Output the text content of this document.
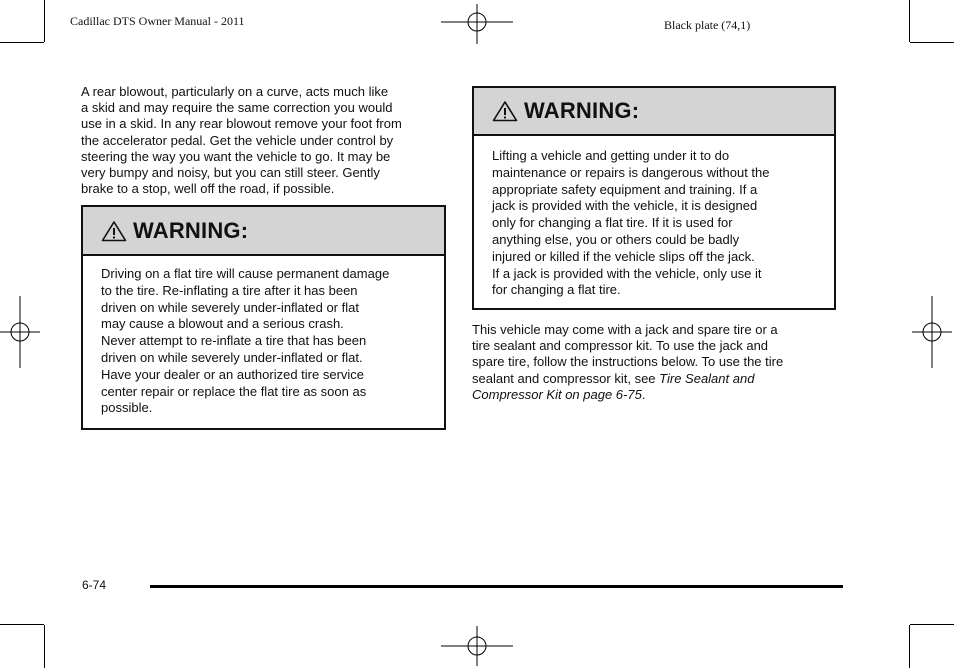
Cadillac DTS Owner Manual - 2011	Black plate (74,1)

A rear blowout, particularly on a curve, acts much like

a skid and may require the same correction you would

use in a skid. In any rear blowout remove your foot from

the accelerator pedal. Get the vehicle under control by

steering the way you want the vehicle to go. It may be

very bumpy and noisy, but you can still steer. Gently

brake to a stop, well off the road, if possible.

WARNING:

Driving on a flat tire will cause permanent damage

to the tire. Re-inflating a tire after it has been

driven on while severely under-inflated or flat

may cause a blowout and a serious crash.

Never attempt to re-inflate a tire that has been

driven on while severely under-inflated or flat.

Have your dealer or an authorized tire service

center repair or replace the flat tire as soon as

possible.

WARNING:

Lifting a vehicle and getting under it to do

maintenance or repairs is dangerous without the

appropriate safety equipment and training. If a

jack is provided with the vehicle, it is designed

only for changing a flat tire. If it is used for

anything else, you or others could be badly

injured or killed if the vehicle slips off the jack.

If a jack is provided with the vehicle, only use it

for changing a flat tire.

This vehicle may come with a jack and spare tire or a

tire sealant and compressor kit. To use the jack and

spare tire, follow the instructions below. To use the tire

sealant and compressor kit, see Tire Sealant and

Compressor Kit on page 6-75.

6-74
